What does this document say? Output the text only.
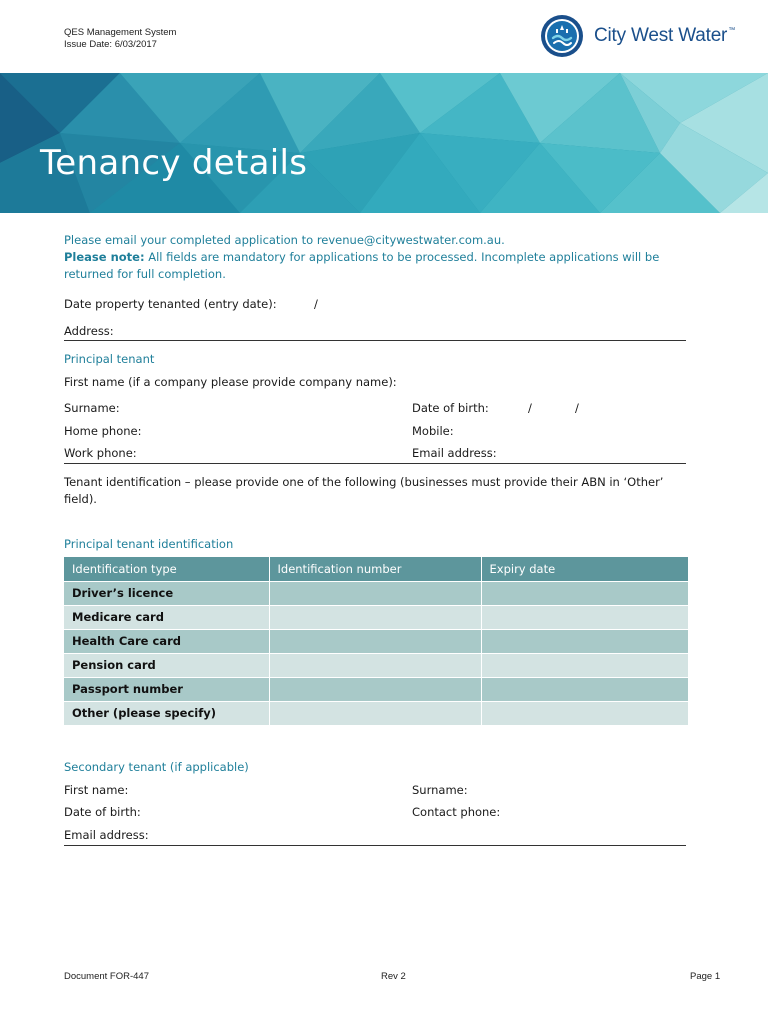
QES Management System
Issue Date: 6/03/2017	City West Water™
Tenancy details
Please email your completed application to revenue@citywestwater.com.au.
Please note: All fields are mandatory for applications to be processed. Incomplete applications will be returned for full completion.
Date property tenanted (entry date):	/
Address:
Principal tenant
First name (if a company please provide company name):
Surname:	Date of birth:	/	/
Home phone:	Mobile:
Work phone:	Email address:
Tenant identification – please provide one of the following (businesses must provide their ABN in ‘Other’ field).
Principal tenant identification
Identification type	Identification number	Expiry date
Driver’s licence		
Medicare card		
Health Care card		
Pension card		
Passport number		
Other (please specify)		
Secondary tenant (if applicable)
First name:	Surname:
Date of birth:	Contact phone:
Email address:
Document FOR-447	Rev 2	Page 1
